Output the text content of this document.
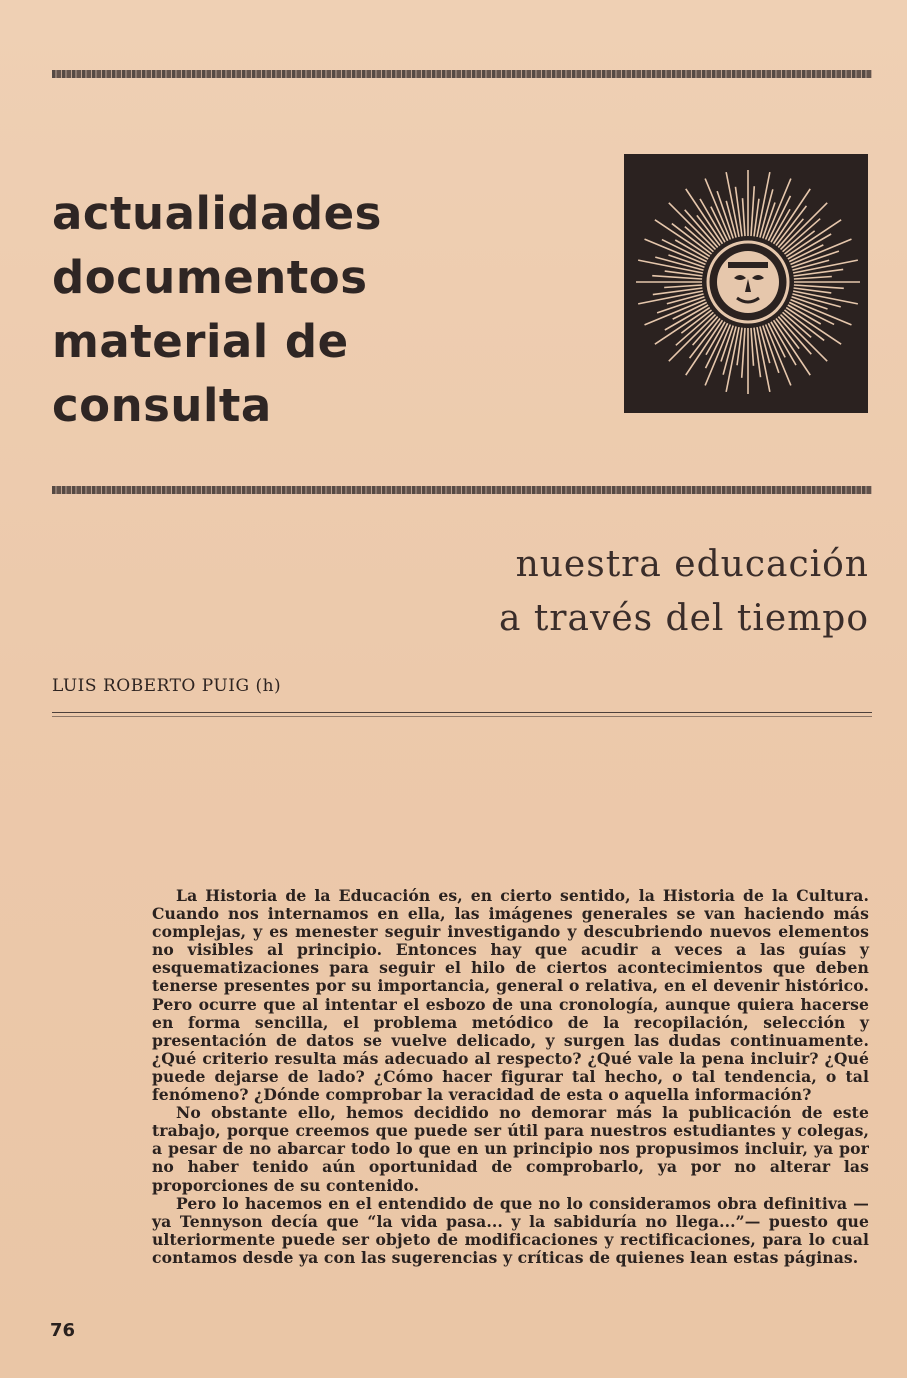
actualidades
documentos
material de
consulta
nuestra educación
a través del tiempo
LUIS ROBERTO PUIG (h)

La Historia de la Educación es, en cierto sentido, la Historia de la Cultura. Cuando nos internamos en ella, las imágenes generales se van haciendo más complejas, y es menester seguir investigando y descubriendo nuevos elementos no visibles al principio. Entonces hay que acudir a veces a las guías y esquematizaciones para seguir el hilo de ciertos acontecimientos que deben tenerse presentes por su importancia, general o relativa, en el devenir histórico. Pero ocurre que al intentar el esbozo de una cronología, aunque quiera hacerse en forma sencilla, el problema metódico de la recopilación, selección y presentación de datos se vuelve delicado, y surgen las dudas continuamente. ¿Qué criterio resulta más adecuado al respecto? ¿Qué vale la pena incluir? ¿Qué puede dejarse de lado? ¿Cómo hacer figurar tal hecho, o tal tendencia, o tal fenómeno? ¿Dónde comprobar la veracidad de esta o aquella información?

No obstante ello, hemos decidido no demorar más la publicación de este trabajo, porque creemos que puede ser útil para nuestros estudiantes y colegas, a pesar de no abarcar todo lo que en un principio nos propusimos incluir, ya por no haber tenido aún oportunidad de comprobarlo, ya por no alterar las proporciones de su contenido.

Pero lo hacemos en el entendido de que no lo consideramos obra definitiva —ya Tennyson decía que “la vida pasa... y la sabiduría no llega...”— puesto que ulteriormente puede ser objeto de modificaciones y rectificaciones, para lo cual contamos desde ya con las sugerencias y críticas de quienes lean estas páginas.

76
